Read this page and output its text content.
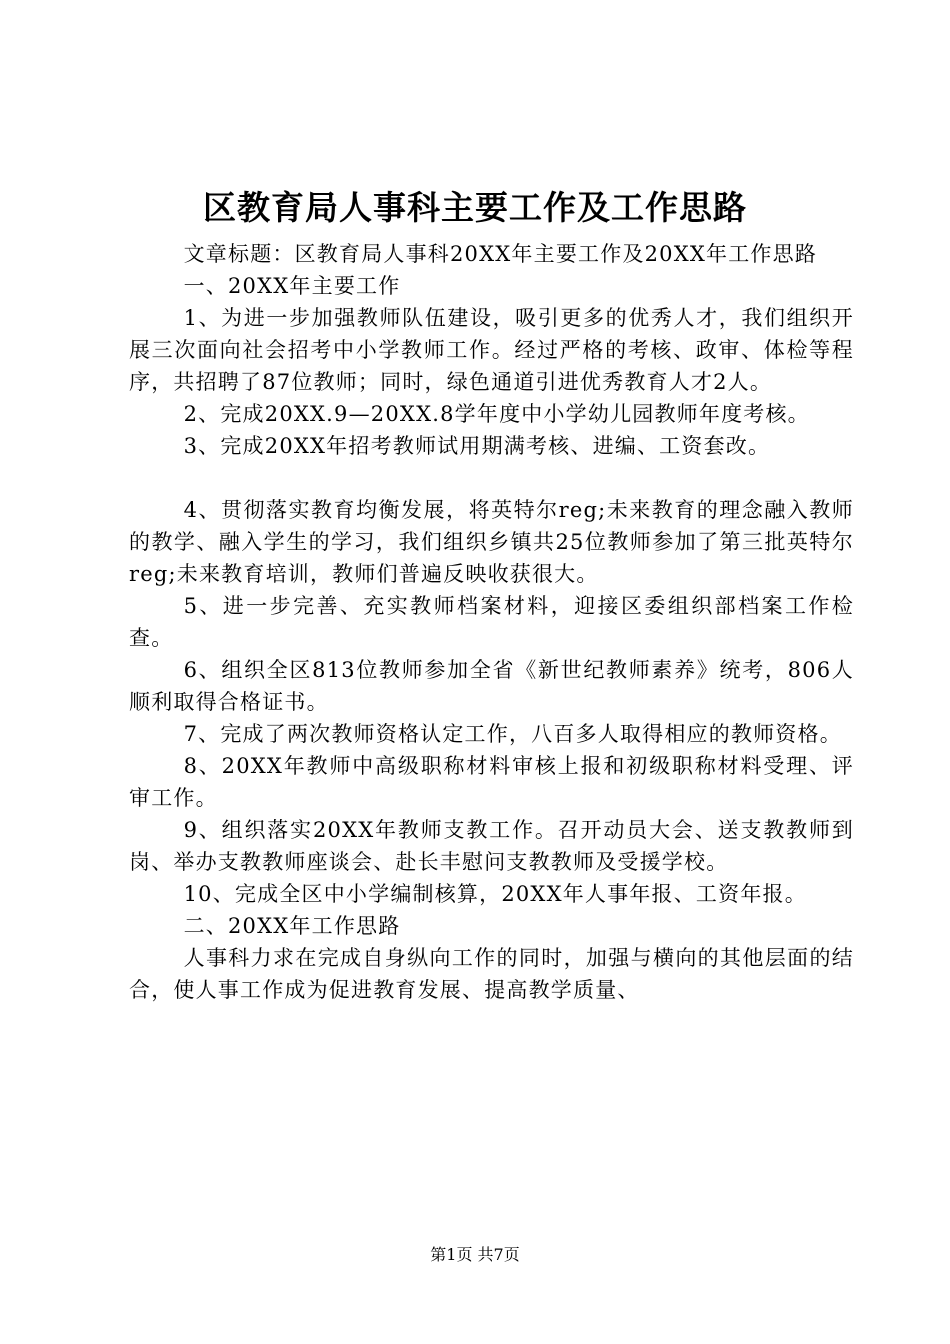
区教育局人事科主要工作及工作思路

文章标题：区教育局人事科20XX年主要工作及20XX年工作思路

一、20XX年主要工作

1、为进一步加强教师队伍建设，吸引更多的优秀人才，我们组织开展三次面向社会招考中小学教师工作。经过严格的考核、政审、体检等程序，共招聘了87位教师；同时，绿色通道引进优秀教育人才2人。

2、完成20XX.9—20XX.8学年度中小学幼儿园教师年度考核。

3、完成20XX年招考教师试用期满考核、进编、工资套改。

4、贯彻落实教育均衡发展，将英特尔reg;未来教育的理念融入教师的教学、融入学生的学习，我们组织乡镇共25位教师参加了第三批英特尔reg;未来教育培训，教师们普遍反映收获很大。

5、进一步完善、充实教师档案材料，迎接区委组织部档案工作检查。

6、组织全区813位教师参加全省《新世纪教师素养》统考，806人顺利取得合格证书。

7、完成了两次教师资格认定工作，八百多人取得相应的教师资格。

8、20XX年教师中高级职称材料审核上报和初级职称材料受理、评审工作。

9、组织落实20XX年教师支教工作。召开动员大会、送支教教师到岗、举办支教教师座谈会、赴长丰慰问支教教师及受援学校。

10、完成全区中小学编制核算，20XX年人事年报、工资年报。

二、20XX年工作思路

人事科力求在完成自身纵向工作的同时，加强与横向的其他层面的结合，使人事工作成为促进教育发展、提高教学质量、

第1页 共7页
